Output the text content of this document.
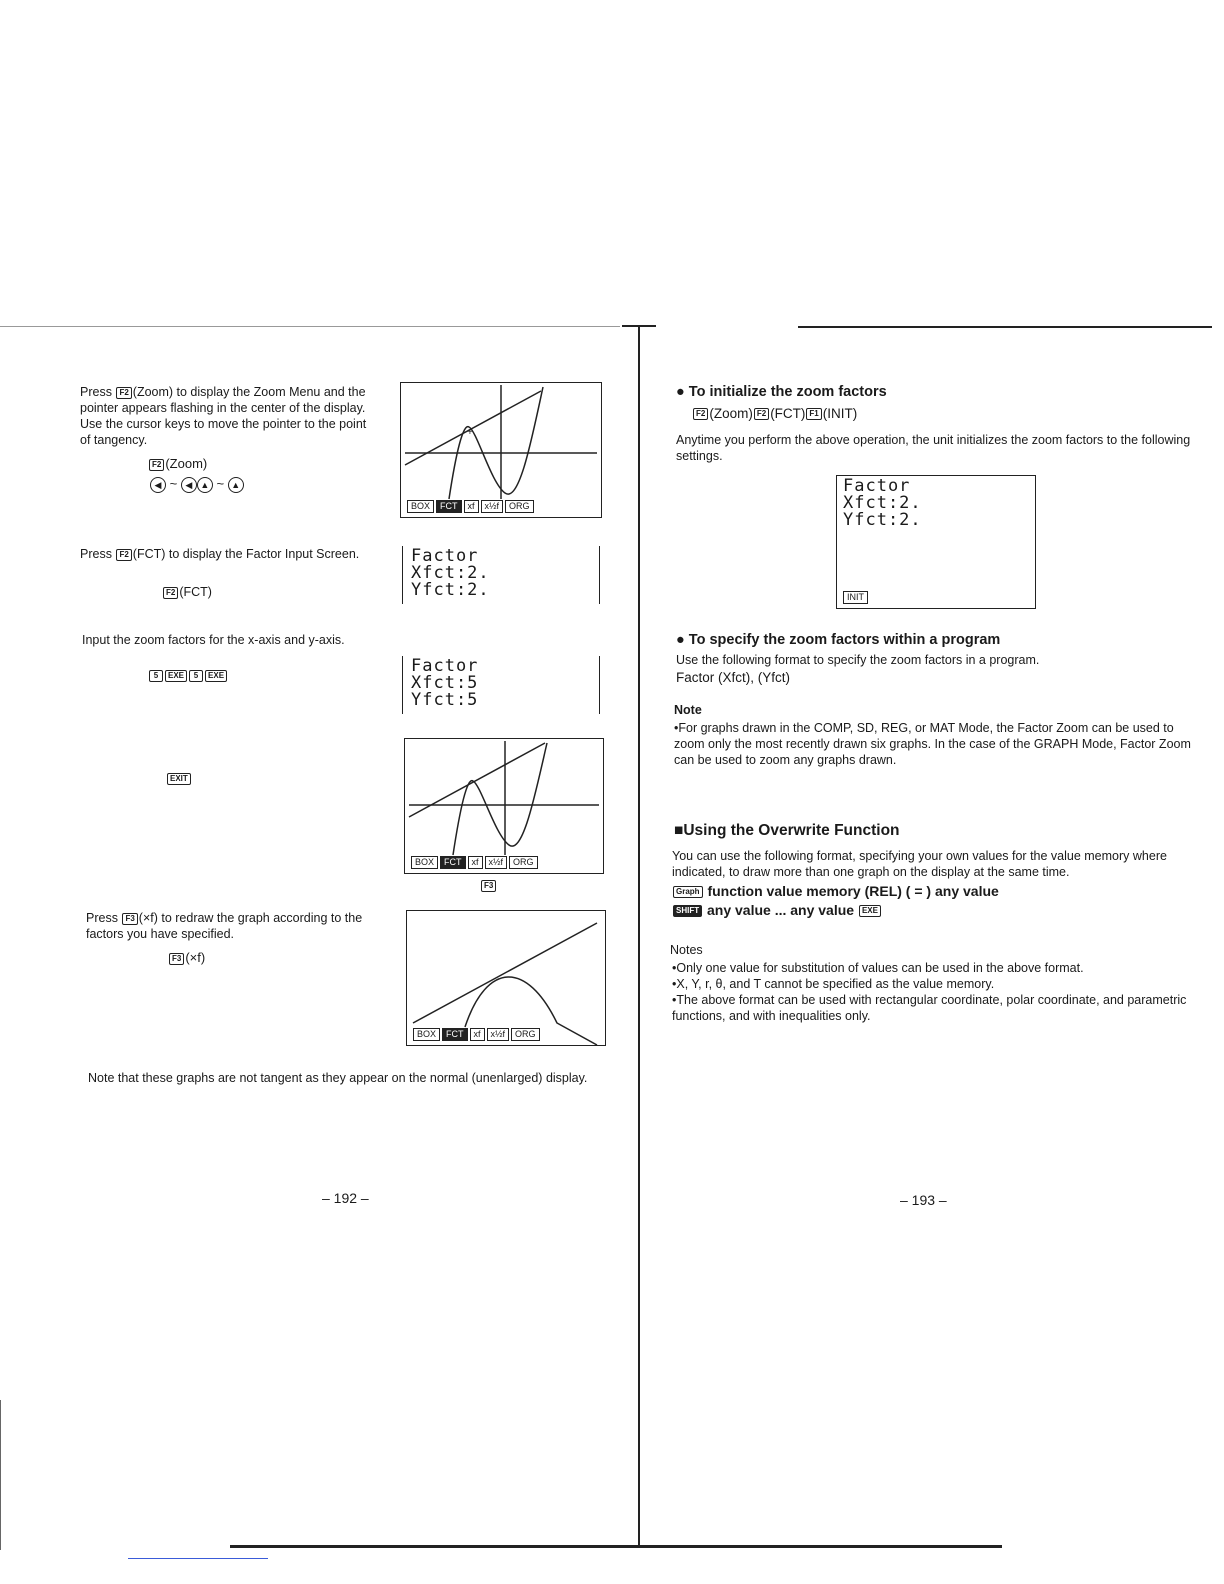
Press F2 (Zoom) to display the Zoom Menu and the pointer appears flashing in the center of the display. Use the cursor keys to move the pointer to the point of tangency.
F2 (Zoom)
◀ ~ ◀ ▲ ~ ▲
+
BOX	FCT	xf	x½f	ORG
Press F2 (FCT) to display the Factor Input Screen.
F2 (FCT)
Factor
Xfct:2.
Yfct:2.
Input the zoom factors for the x-axis and y-axis.
5 EXE 5 EXE	Factor
Xfct:5
Yfct:5
EXIT
BOX	FCT	xf	x½f	ORG
F3
Press F3 (×f) to redraw the graph according to the factors you have specified.
F3 (×f)
BOX	FCT	xf	x½f	ORG
Note that these graphs are not tangent as they appear on the normal (unenlarged) display.
– 192 –
● To initialize the zoom factors
F2 (Zoom) F2 (FCT) F1 (INIT)
Anytime you perform the above operation, the unit initializes the zoom factors to the following settings.
Factor
Xfct:2.
Yfct:2.
INIT
● To specify the zoom factors within a program
Use the following format to specify the zoom factors in a program.
Factor (Xfct), (Yfct)
Note
•For graphs drawn in the COMP, SD, REG, or MAT Mode, the Factor Zoom can be used to zoom only the most recently drawn six graphs. In the case of the GRAPH Mode, Factor Zoom can be used to zoom any graphs drawn.
■Using the Overwrite Function
You can use the following format, specifying your own values for the value memory where indicated, to draw more than one graph on the display at the same time.
Graph function value memory (REL) ( = ) any value
SHIFT any value ... any value EXE
Notes
•Only one value for substitution of values can be used in the above format.
•X, Y, r, θ, and T cannot be specified as the value memory.
•The above format can be used with rectangular coordinate, polar coordinate, and parametric functions, and with inequalities only.
– 193 –
